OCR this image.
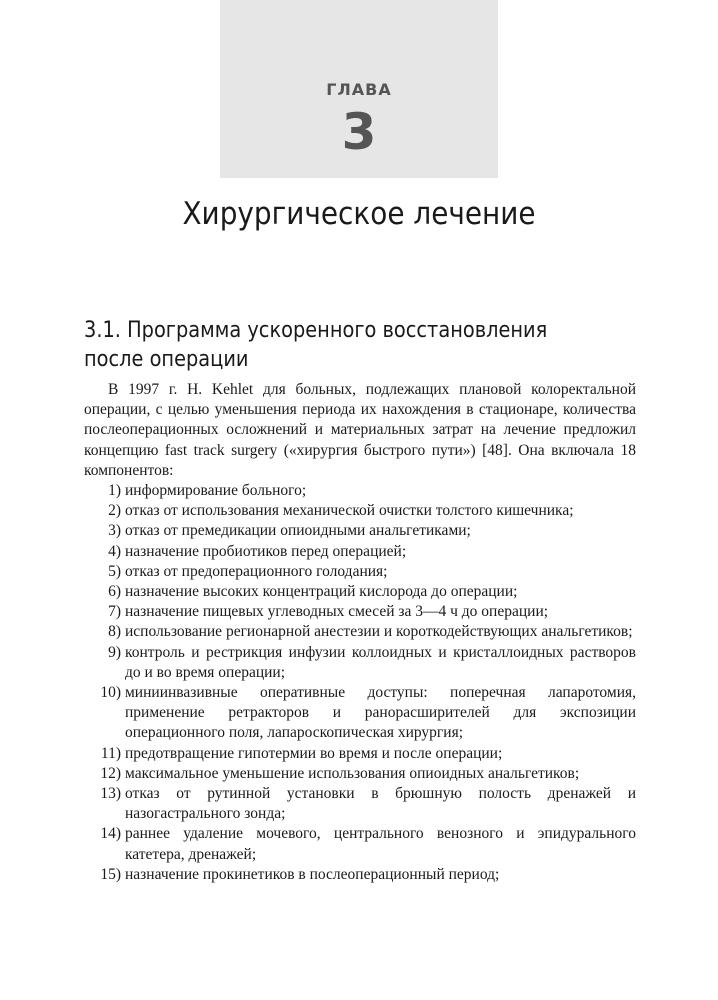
ГЛАВА
3
Хирургическое лечение
3.1. Программа ускоренного восстановления
после операции

В 1997 г. H. Kehlet для больных, подлежащих плановой колоректальной операции, с целью уменьшения периода их нахождения в стационаре, количества послеоперационных осложнений и материальных затрат на лечение предложил концепцию fast track surgery («хирургия быстрого пути») [48]. Она включала 18 компонентов:

1) информирование больного;
2) отказ от использования механической очистки толстого кишечника;
3) отказ от премедикации опиоидными анальгетиками;
4) назначение пробиотиков перед операцией;
5) отказ от предоперационного голодания;
6) назначение высоких концентраций кислорода до операции;
7) назначение пищевых углеводных смесей за 3—4 ч до операции;
8) использование регионарной анестезии и короткодействующих анальгетиков;
9) контроль и рестрикция инфузии коллоидных и кристаллоидных растворов до и во время операции;
10) миниинвазивные оперативные доступы: поперечная лапаротомия, применение ретракторов и ранорасширителей для экспозиции операционного поля, лапароскопическая хирургия;
11) предотвращение гипотермии во время и после операции;
12) максимальное уменьшение использования опиоидных анальгетиков;
13) отказ от рутинной установки в брюшную полость дренажей и назогастрального зонда;
14) раннее удаление мочевого, центрального венозного и эпидурального катетера, дренажей;
15) назначение прокинетиков в послеоперационный период;
